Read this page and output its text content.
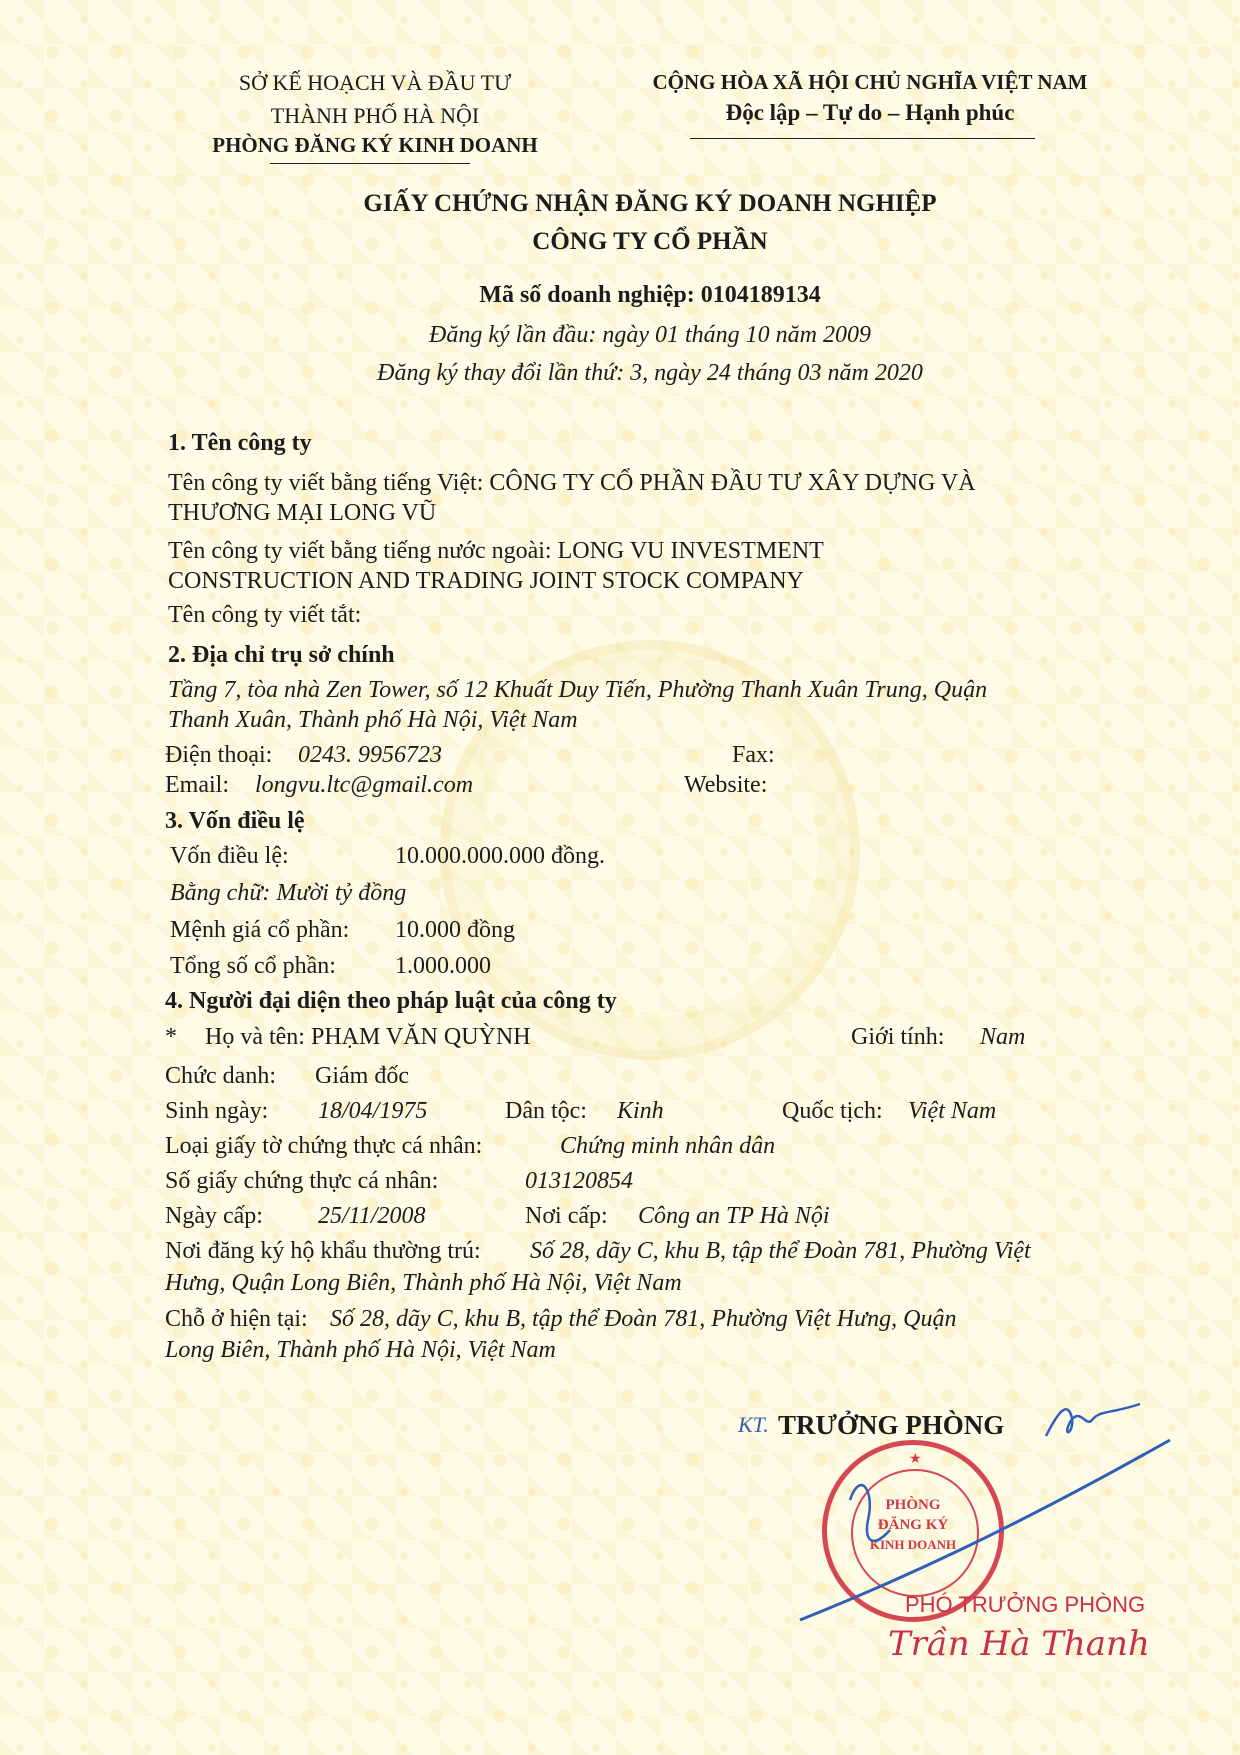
SỞ KẾ HOẠCH VÀ ĐẦU TƯ
THÀNH PHỐ HÀ NỘI
PHÒNG ĐĂNG KÝ KINH DOANH
CỘNG HÒA XÃ HỘI CHỦ NGHĨA VIỆT NAM
Độc lập – Tự do – Hạnh phúc
GIẤY CHỨNG NHẬN ĐĂNG KÝ DOANH NGHIỆP
CÔNG TY CỔ PHẦN
Mã số doanh nghiệp: 0104189134
Đăng ký lần đầu: ngày 01 tháng 10 năm 2009
Đăng ký thay đổi lần thứ: 3, ngày 24 tháng 03 năm 2020
1. Tên công ty
Tên công ty viết bằng tiếng Việt: CÔNG TY CỔ PHẦN ĐẦU TƯ XÂY DỰNG VÀ
THƯƠNG MẠI LONG VŨ
Tên công ty viết bằng tiếng nước ngoài: LONG VU INVESTMENT
CONSTRUCTION AND TRADING JOINT STOCK COMPANY
Tên công ty viết tắt:
2. Địa chỉ trụ sở chính
Tầng 7, tòa nhà Zen Tower, số 12 Khuất Duy Tiến, Phường Thanh Xuân Trung, Quận
Thanh Xuân, Thành phố Hà Nội, Việt Nam
Điện thoại: 0243. 9956723	Fax:
Email: longvu.ltc@gmail.com	Website:
3. Vốn điều lệ
Vốn điều lệ:	10.000.000.000 đồng.
Bằng chữ: Mười tỷ đồng
Mệnh giá cổ phần: 10.000 đồng
Tổng số cổ phần: 1.000.000
4. Người đại diện theo pháp luật của công ty
* Họ và tên: PHẠM VĂN QUỲNH	Giới tính: Nam
Chức danh: Giám đốc
Sinh ngày: 18/04/1975	Dân tộc: Kinh	Quốc tịch: Việt Nam
Loại giấy tờ chứng thực cá nhân:	Chứng minh nhân dân
Số giấy chứng thực cá nhân:	013120854
Ngày cấp: 25/11/2008	Nơi cấp: Công an TP Hà Nội
Nơi đăng ký hộ khẩu thường trú: Số 28, dãy C, khu B, tập thể Đoàn 781, Phường Việt
Hưng, Quận Long Biên, Thành phố Hà Nội, Việt Nam
Chỗ ở hiện tại: Số 28, dãy C, khu B, tập thể Đoàn 781, Phường Việt Hưng, Quận
Long Biên, Thành phố Hà Nội, Việt Nam
KT. TRƯỞNG PHÒNG
★
PHÒNG
ĐĂNG KÝ
KINH DOANH
PHÓ TRƯỞNG PHÒNG
Trần Hà Thanh
